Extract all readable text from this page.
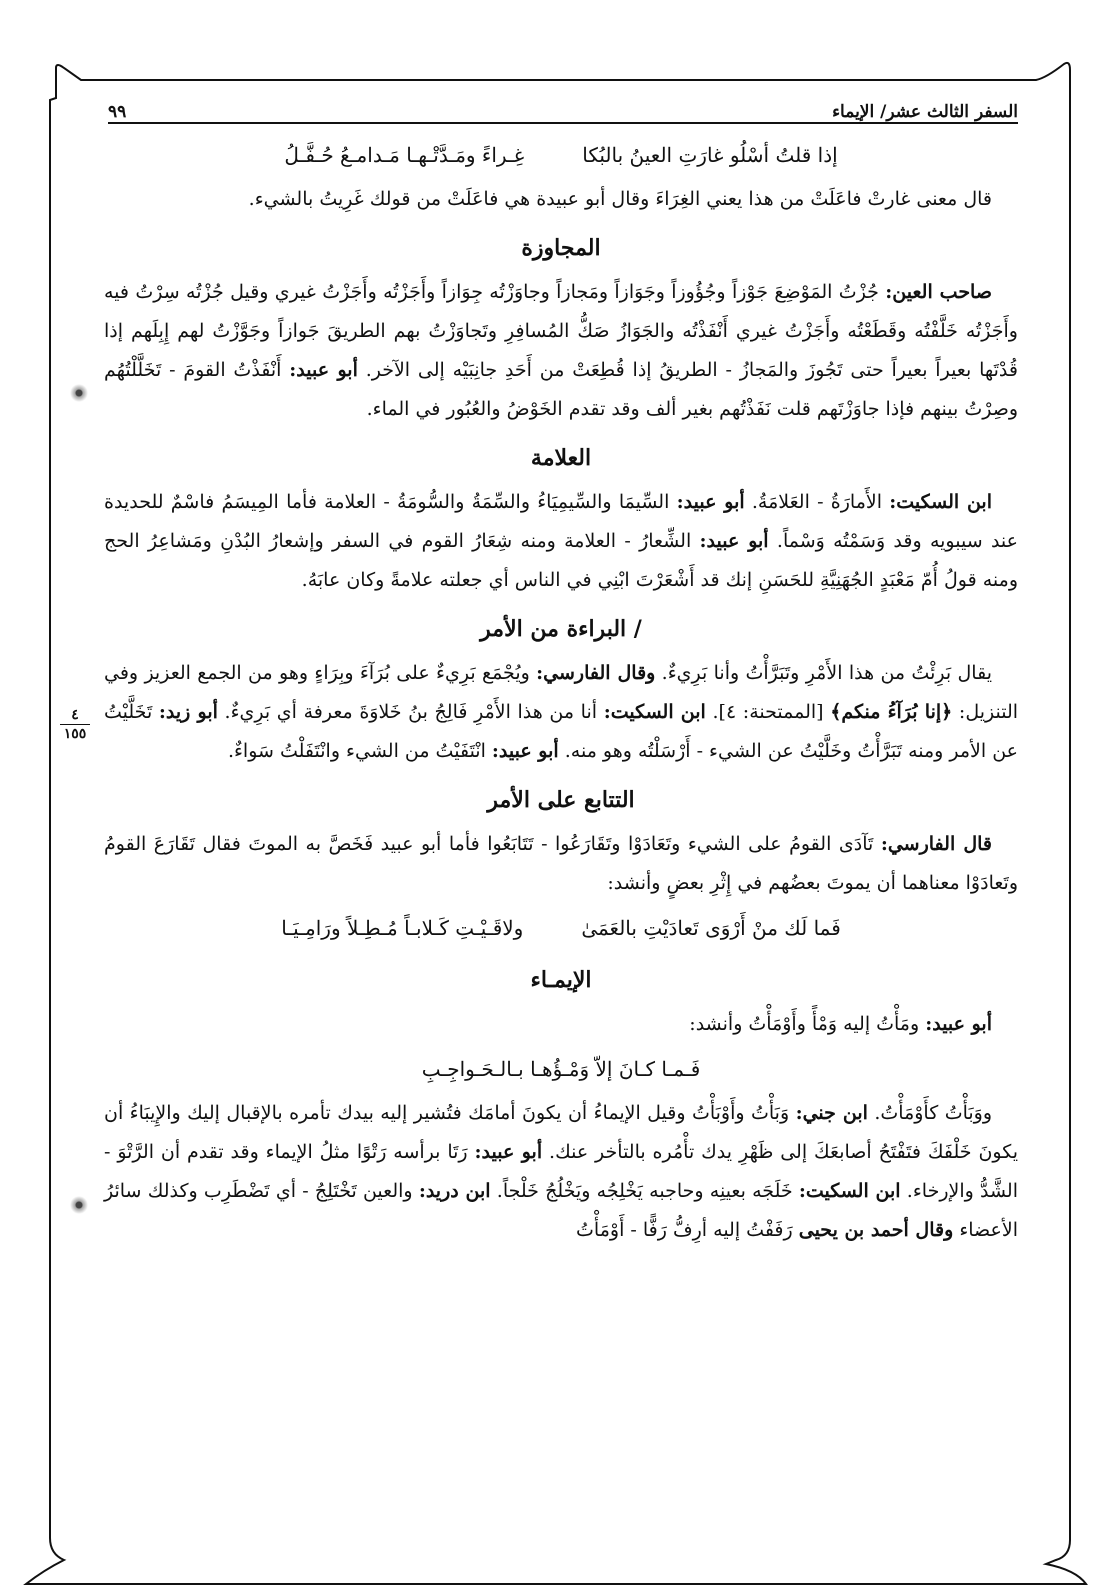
السفر الثالث عشر/ الإيماء
٩٩
٤
١٥٥
إذا قلتُ أسْلُو غارَتِ العينُ بالبُكا
غِـراءً ومَـدَّتْـهـا مَـدامـعُ حُـفَّـلُ

قال معنى غارتْ فاعَلَتْ من هذا يعني الغِرَاءَ وقال أبو عبيدة هي فاعَلَتْ من قولك غَرِيتُ بالشيء.

المجاوزة

صاحب العين: جُزْتُ المَوْضِعَ جَوْزاً وجُؤُوزاً وجَوَازاً ومَجازاً وجاوَزْتُه جِوَازاً وأَجَزْتُه وأَجَزْتُ غيري وقيل جُزْتُه سِرْتُ فيه وأَجَزْتُه خَلَّفْتُه وقَطَعْتُه وأَجَزْتُ غيري أَنْفَذْتُه والجَوَازُ صَكُّ المُسافِرِ وتَجاوَزْتُ بهم الطريقَ جَوازاً وجَوَّزْتُ لهم إِبِلَهم إذا قُدْتَها بعيراً بعيراً حتى تَجُوزَ والمَجازُ - الطريقُ إذا قُطِعَتْ من أَحَدِ جانِبَيْه إلى الآخر. أبو عبيد: أَنْفَذْتُ القومَ - تَخَلَّلْتُهُم وصِرْتُ بينهم فإذا جاوَزْتَهم قلت نَفَذْتُهم بغير ألف وقد تقدم الخَوْضُ والعُبُور في الماء.

العلامة

ابن السكيت: الأَمارَةُ - العَلامَةُ. أبو عبيد: السِّيمَا والسِّيمِيَاءُ والسِّمَةُ والسُّومَةُ - العلامة فأما المِيسَمُ فاسْمٌ للحديدة عند سيبويه وقد وَسَمْتُه وَسْماً. أبو عبيد: الشِّعارُ - العلامة ومنه شِعَارُ القوم في السفر وإشعارُ البُدْنِ ومَشاعِرُ الحج ومنه قولُ أُمّ مَعْبَدٍ الجُهَنِيَّةِ للحَسَنِ إنك قد أَشْعَرْتَ ابْنِي في الناس أي جعلته علامةً وكان عابَهُ.

/ البراءة من الأمر

يقال بَرِئْتُ من هذا الأَمْرِ وتَبَرَّأْتُ وأنا بَرِيءٌ. وقال الفارسي: ويُجْمَع بَرِيءٌ على بُرَآءَ وبِرَاءٍ وهو من الجمع العزيز وفي التنزيل: ﴿إنا بُرَآءُ منكم﴾ [الممتحنة: ٤]. ابن السكيت: أنا من هذا الأَمْرِ فَالِجُ بنُ خَلاوَةَ معرفة أي بَرِيءٌ. أبو زيد: تَخَلَّيْتُ عن الأمر ومنه تَبَرَّأْتُ وخَلَّيْتُ عن الشيء - أَرْسَلْتُه وهو منه. أبو عبيد: انْتَفَيْتُ من الشيء وانْتَفَلْتُ سَواءٌ.

التتابع على الأمر

قال الفارسي: تَآدَى القومُ على الشيء وتَعَادَوْا وتَقَارَعُوا - تَتَابَعُوا فأما أبو عبيد فَخَصَّ به الموتَ فقال تَقَارَعَ القومُ وتَعادَوْا معناهما أن يموتَ بعضُهم في إِثْرِ بعضٍ وأنشد:

فَما لَك منْ أَرْوَى تَعادَيْتِ بالعَمَىٰ
ولاقَـيْـتِ كَـلابـاً مُـطِـلاً ورَامِـيَـا
الإيمـاء

أبو عبيد: ومَأْتُ إليه وَمْأً وأَوْمَأْتُ وأنشد:

فَـمـا كـانَ إلاّ وَمْـؤُهـا بـالـحَـواجِـبِ

ووَبَأْتُ كأَوْمَأْتُ. ابن جني: وَبَأْتُ وأَوْبَأْتُ وقيل الإيماءُ أن يكونَ أمامَك فتُشير إليه بيدك تأمره بالإقبال إليك والإِيبَاءُ أن يكونَ خَلْفَكَ فتَفْتَحُ أصابعَكَ إلى ظَهْرِ يدك تأْمُره بالتأخر عنك. أبو عبيد: رَتَا برأسه رَتْوًا مثلُ الإيماء وقد تقدم أن الرَّتْوَ - الشَّدُّ والإرخاء. ابن السكيت: خَلَجَه بعينِه وحاجبه يَخْلِجُه ويَخْلُجُ خَلْجاً. ابن دريد: والعين تَخْتَلِجُ - أي تَضْطَرِب وكذلك سائرُ الأعضاء وقال أحمد بن يحيى رَفَفْتُ إليه أرِفُّ رَفًّا - أَوْمَأْتُ
